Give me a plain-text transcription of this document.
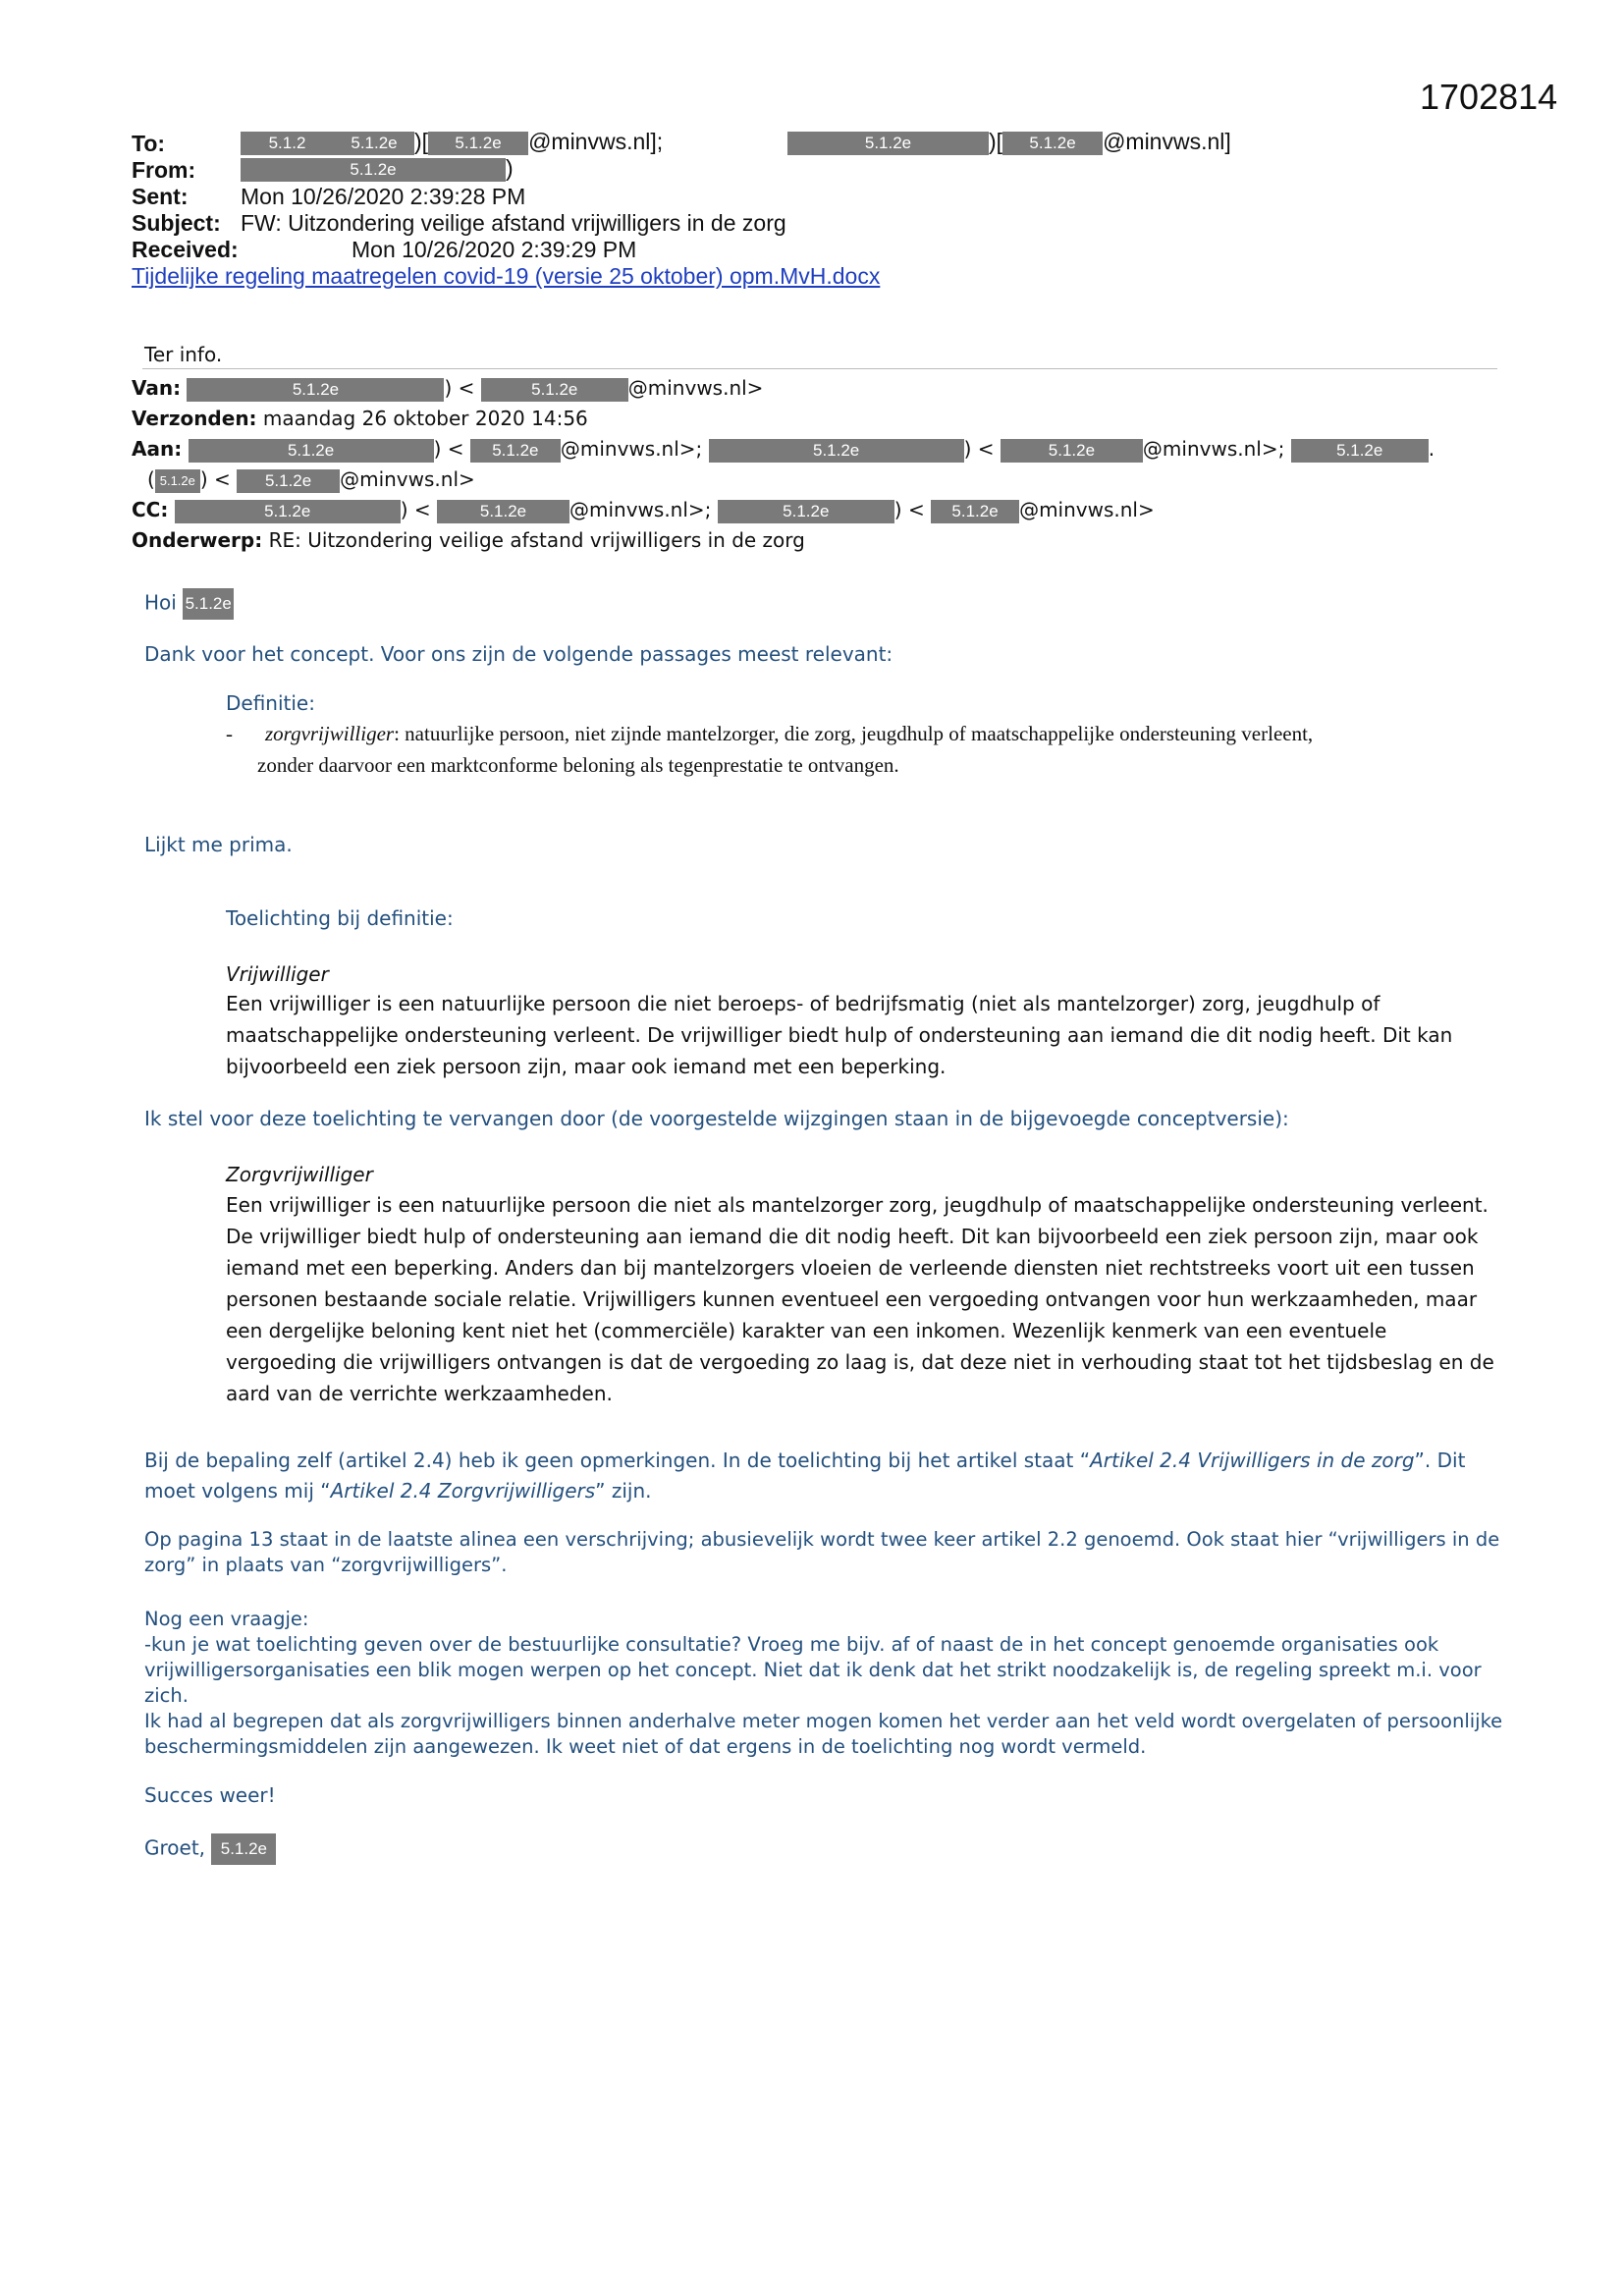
1702814
To:	5.1.2	5.1.2e )[ 5.1.2e @minvws.nl];	5.1.2e	)[ 5.1.2e @minvws.nl]
From:	5.1.2e	)
Sent: Mon 10/26/2020 2:39:28 PM
Subject: FW: Uitzondering veilige afstand vrijwilligers in de zorg
Received:	Mon 10/26/2020 2:39:29 PM
Tijdelijke regeling maatregelen covid-19 (versie 25 oktober) opm.MvH.docx
Ter info.
Van:	5.1.2e	) <	5.1.2e	@minvws.nl>
Verzonden: maandag 26 oktober 2020 14:56
Aan:	5.1.2e	) < 5.1.2e @minvws.nl>;	5.1.2e	) <	5.1.2e @minvws.nl>;	5.1.2e .
( 5.1.2e ) < 5.1.2e @minvws.nl>
CC:	5.1.2e	) <	5.1.2e @minvws.nl>;	5.1.2e	) < 5.1.2e @minvws.nl>
Onderwerp: RE: Uitzondering veilige afstand vrijwilligers in de zorg
Hoi 5.1.2e
Dank voor het concept. Voor ons zijn de volgende passages meest relevant:
Definitie:
- zorgvrijwilliger: natuurlijke persoon, niet zijnde mantelzorger, die zorg, jeugdhulp of maatschappelijke ondersteuning verleent,
zonder daarvoor een marktconforme beloning als tegenprestatie te ontvangen.
Lijkt me prima.
Toelichting bij definitie:
Vrijwilliger
Een vrijwilliger is een natuurlijke persoon die niet beroeps- of bedrijfsmatig (niet als mantelzorger) zorg, jeugdhulp of maatschappelijke ondersteuning verleent. De vrijwilliger biedt hulp of ondersteuning aan iemand die dit nodig heeft. Dit kan bijvoorbeeld een ziek persoon zijn, maar ook iemand met een beperking.
Ik stel voor deze toelichting te vervangen door (de voorgestelde wijzgingen staan in de bijgevoegde conceptversie):
Zorgvrijwilliger
Een vrijwilliger is een natuurlijke persoon die niet als mantelzorger zorg, jeugdhulp of maatschappelijke ondersteuning verleent. De vrijwilliger biedt hulp of ondersteuning aan iemand die dit nodig heeft. Dit kan bijvoorbeeld een ziek persoon zijn, maar ook iemand met een beperking. Anders dan bij mantelzorgers vloeien de verleende diensten niet rechtstreeks voort uit een tussen personen bestaande sociale relatie. Vrijwilligers kunnen eventueel een vergoeding ontvangen voor hun werkzaamheden, maar een dergelijke beloning kent niet het (commerciële) karakter van een inkomen. Wezenlijk kenmerk van een eventuele vergoeding die vrijwilligers ontvangen is dat de vergoeding zo laag is, dat deze niet in verhouding staat tot het tijdsbeslag en de aard van de verrichte werkzaamheden.
Bij de bepaling zelf (artikel 2.4) heb ik geen opmerkingen. In de toelichting bij het artikel staat “Artikel 2.4 Vrijwilligers in de zorg”. Dit moet volgens mij “Artikel 2.4 Zorgvrijwilligers” zijn.
Op pagina 13 staat in de laatste alinea een verschrijving; abusievelijk wordt twee keer artikel 2.2 genoemd. Ook staat hier “vrijwilligers in de zorg” in plaats van “zorgvrijwilligers”.
Nog een vraagje:
-kun je wat toelichting geven over de bestuurlijke consultatie? Vroeg me bijv. af of naast de in het concept genoemde organisaties ook vrijwilligersorganisaties een blik mogen werpen op het concept. Niet dat ik denk dat het strikt noodzakelijk is, de regeling spreekt m.i. voor zich.
Ik had al begrepen dat als zorgvrijwilligers binnen anderhalve meter mogen komen het verder aan het veld wordt overgelaten of persoonlijke beschermingsmiddelen zijn aangewezen. Ik weet niet of dat ergens in de toelichting nog wordt vermeld.
Succes weer!
Groet, 5.1.2e
